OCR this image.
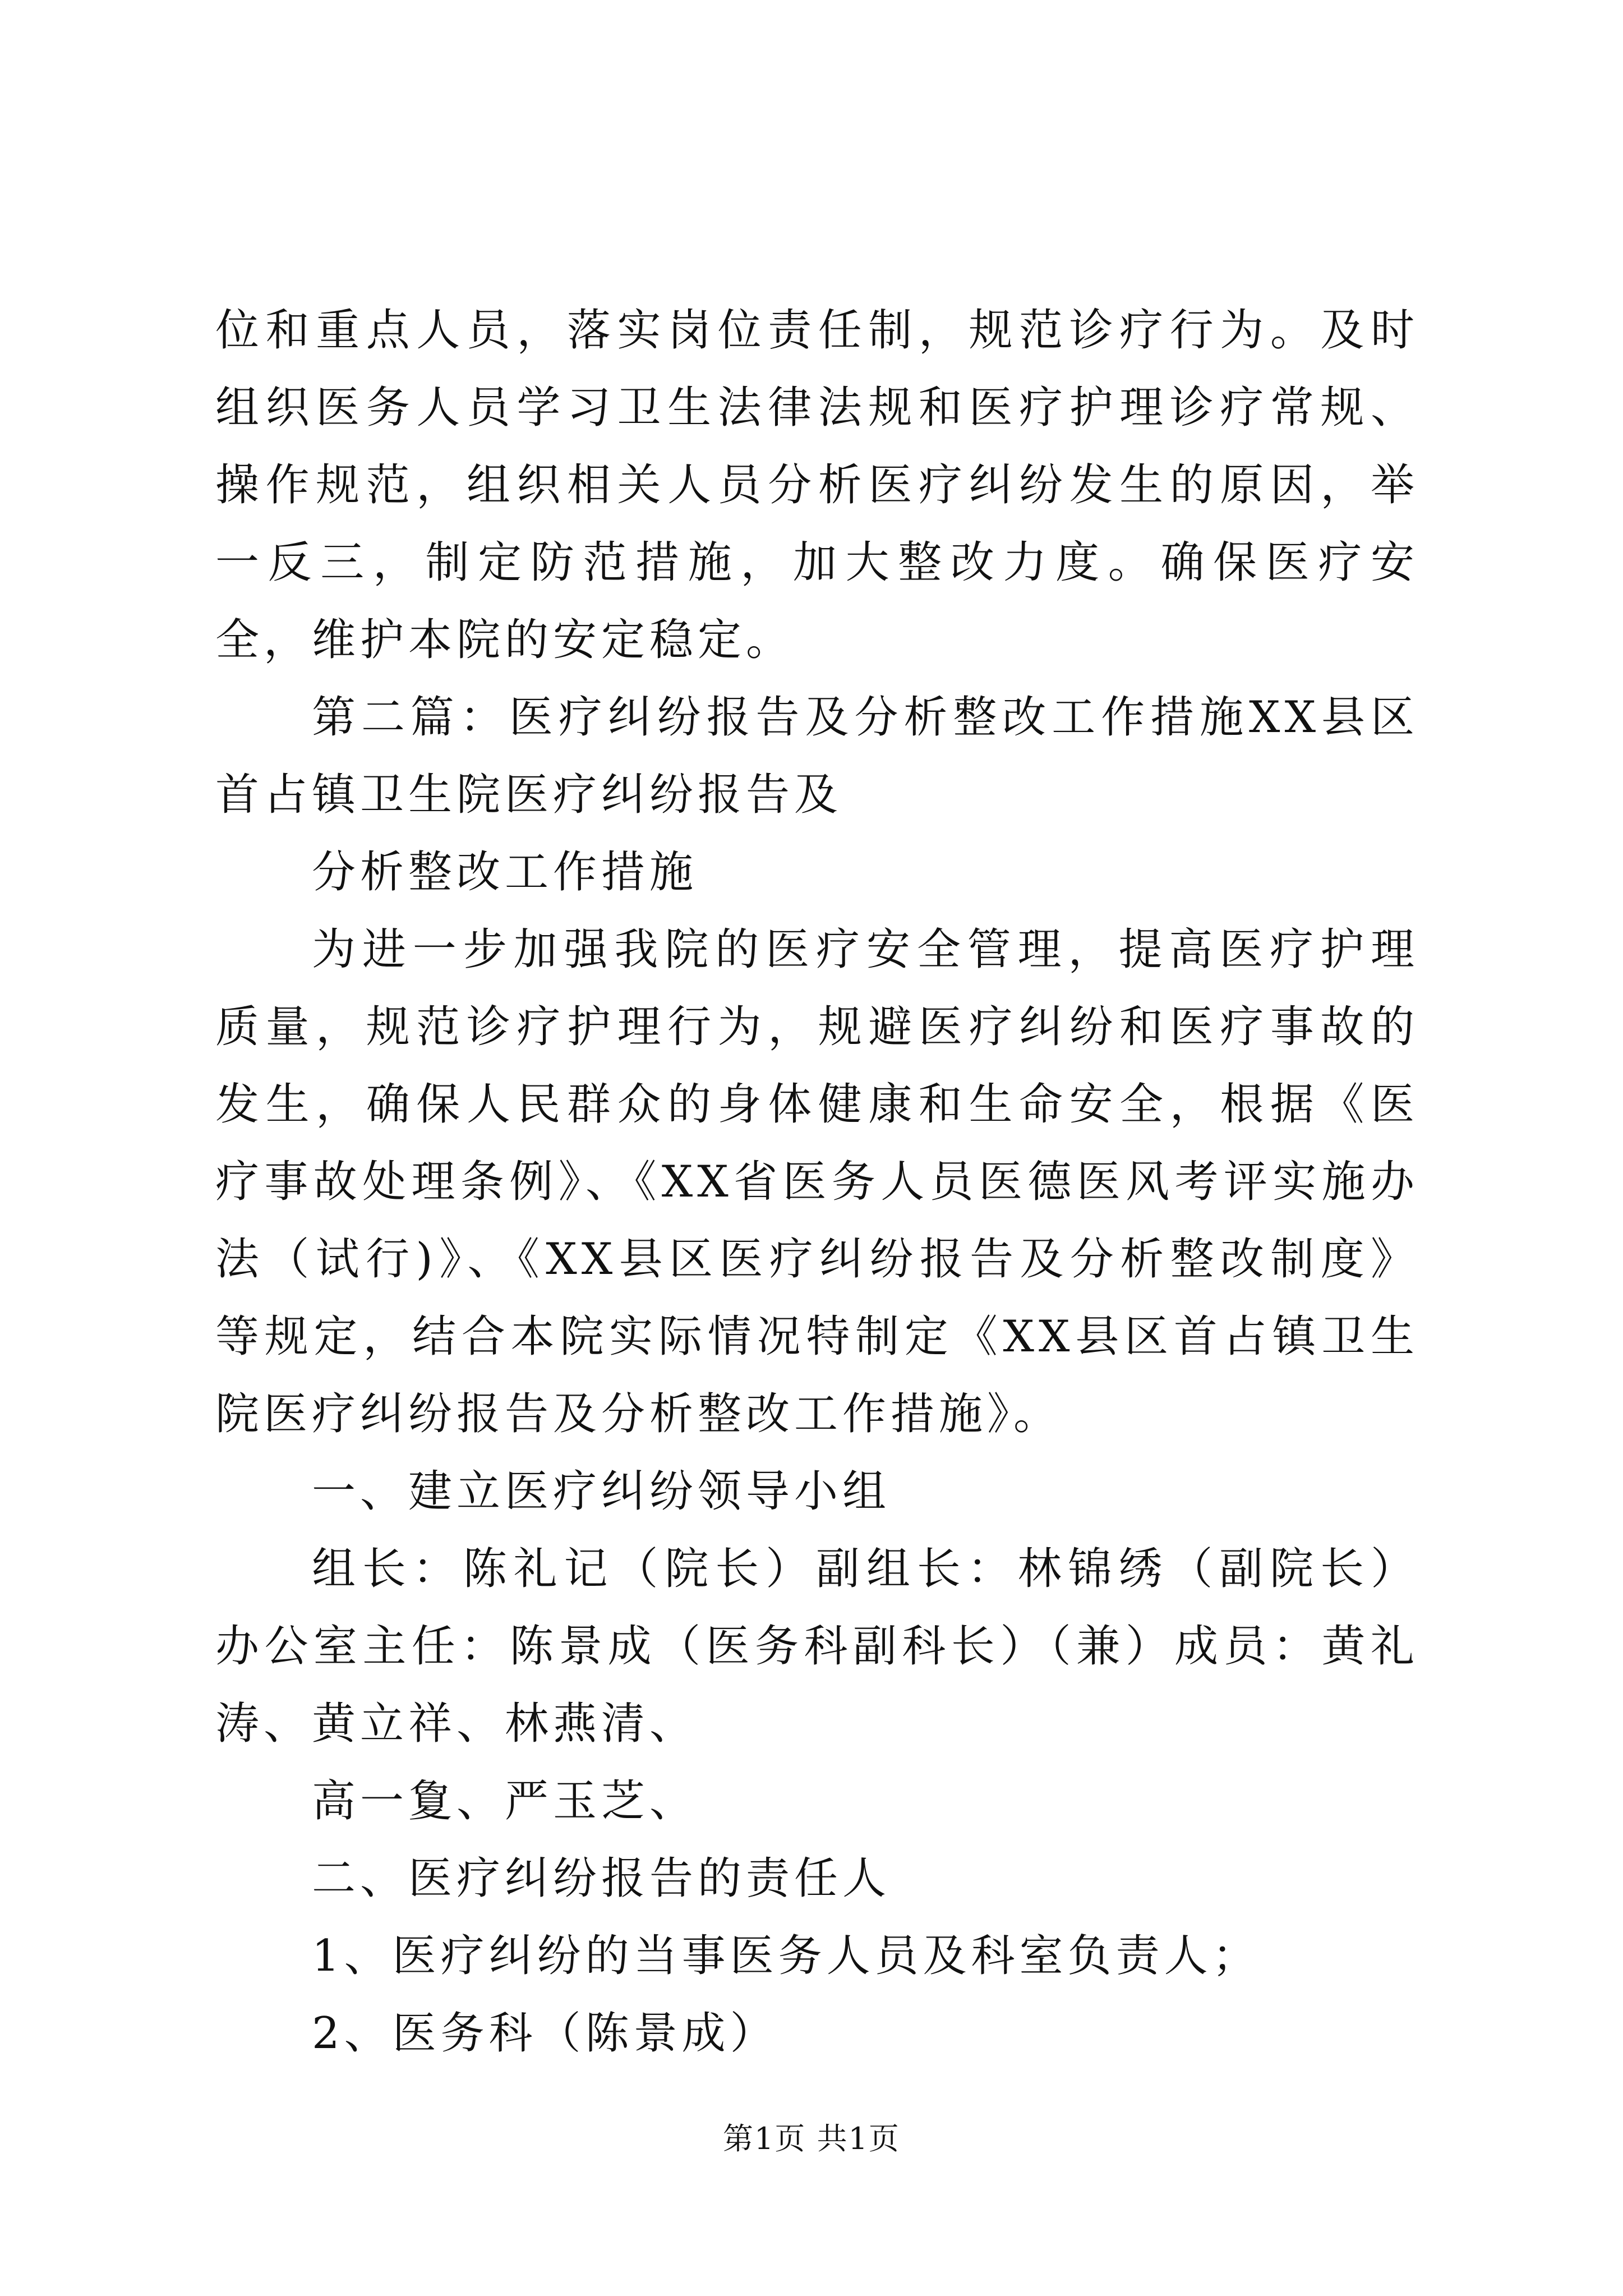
位和重点人员，落实岗位责任制，规范诊疗行为。及时组织医务人员学习卫生法律法规和医疗护理诊疗常规、操作规范，组织相关人员分析医疗纠纷发生的原因，举一反三，制定防范措施，加大整改力度。确保医疗安全，维护本院的安定稳定。

第二篇：医疗纠纷报告及分析整改工作措施XX县区首占镇卫生院医疗纠纷报告及

分析整改工作措施

为进一步加强我院的医疗安全管理，提高医疗护理质量，规范诊疗护理行为，规避医疗纠纷和医疗事故的发生，确保人民群众的身体健康和生命安全，根据《医疗事故处理条例》、《XX省医务人员医德医风考评实施办法（试行)》、《XX县区医疗纠纷报告及分析整改制度》等规定，结合本院实际情况特制定《XX县区首占镇卫生院医疗纠纷报告及分析整改工作措施》。

一、建立医疗纠纷领导小组

组长：陈礼记（院长）副组长：林锦绣（副院长）办公室主任：陈景成（医务科副科长）（兼）成员：黄礼涛、黄立祥、林燕清、

高一夐、严玉芝、

二、医疗纠纷报告的责任人

1、医疗纠纷的当事医务人员及科室负责人；

2、医务科（陈景成）

第1页 共1页
